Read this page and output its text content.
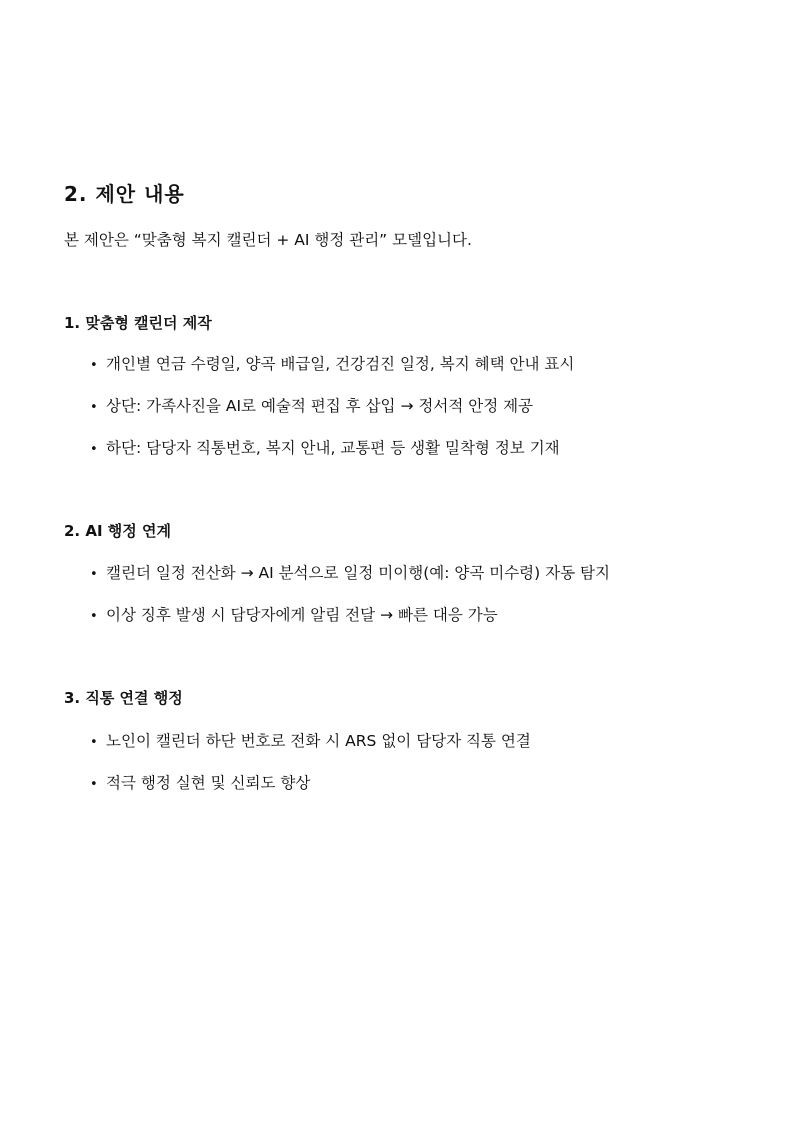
2. 제안 내용

본 제안은 “맞춤형 복지 캘린더 + AI 행정 관리” 모델입니다.

1. 맞춤형 캘린더 제작
• 개인별 연금 수령일, 양곡 배급일, 건강검진 일정, 복지 혜택 안내 표시
• 상단: 가족사진을 AI로 예술적 편집 후 삽입 → 정서적 안정 제공
• 하단: 담당자 직통번호, 복지 안내, 교통편 등 생활 밀착형 정보 기재
2. AI 행정 연계
• 캘린더 일정 전산화 → AI 분석으로 일정 미이행(예: 양곡 미수령) 자동 탐지
• 이상 징후 발생 시 담당자에게 알림 전달 → 빠른 대응 가능
3. 직통 연결 행정
• 노인이 캘린더 하단 번호로 전화 시 ARS 없이 담당자 직통 연결
• 적극 행정 실현 및 신뢰도 향상
